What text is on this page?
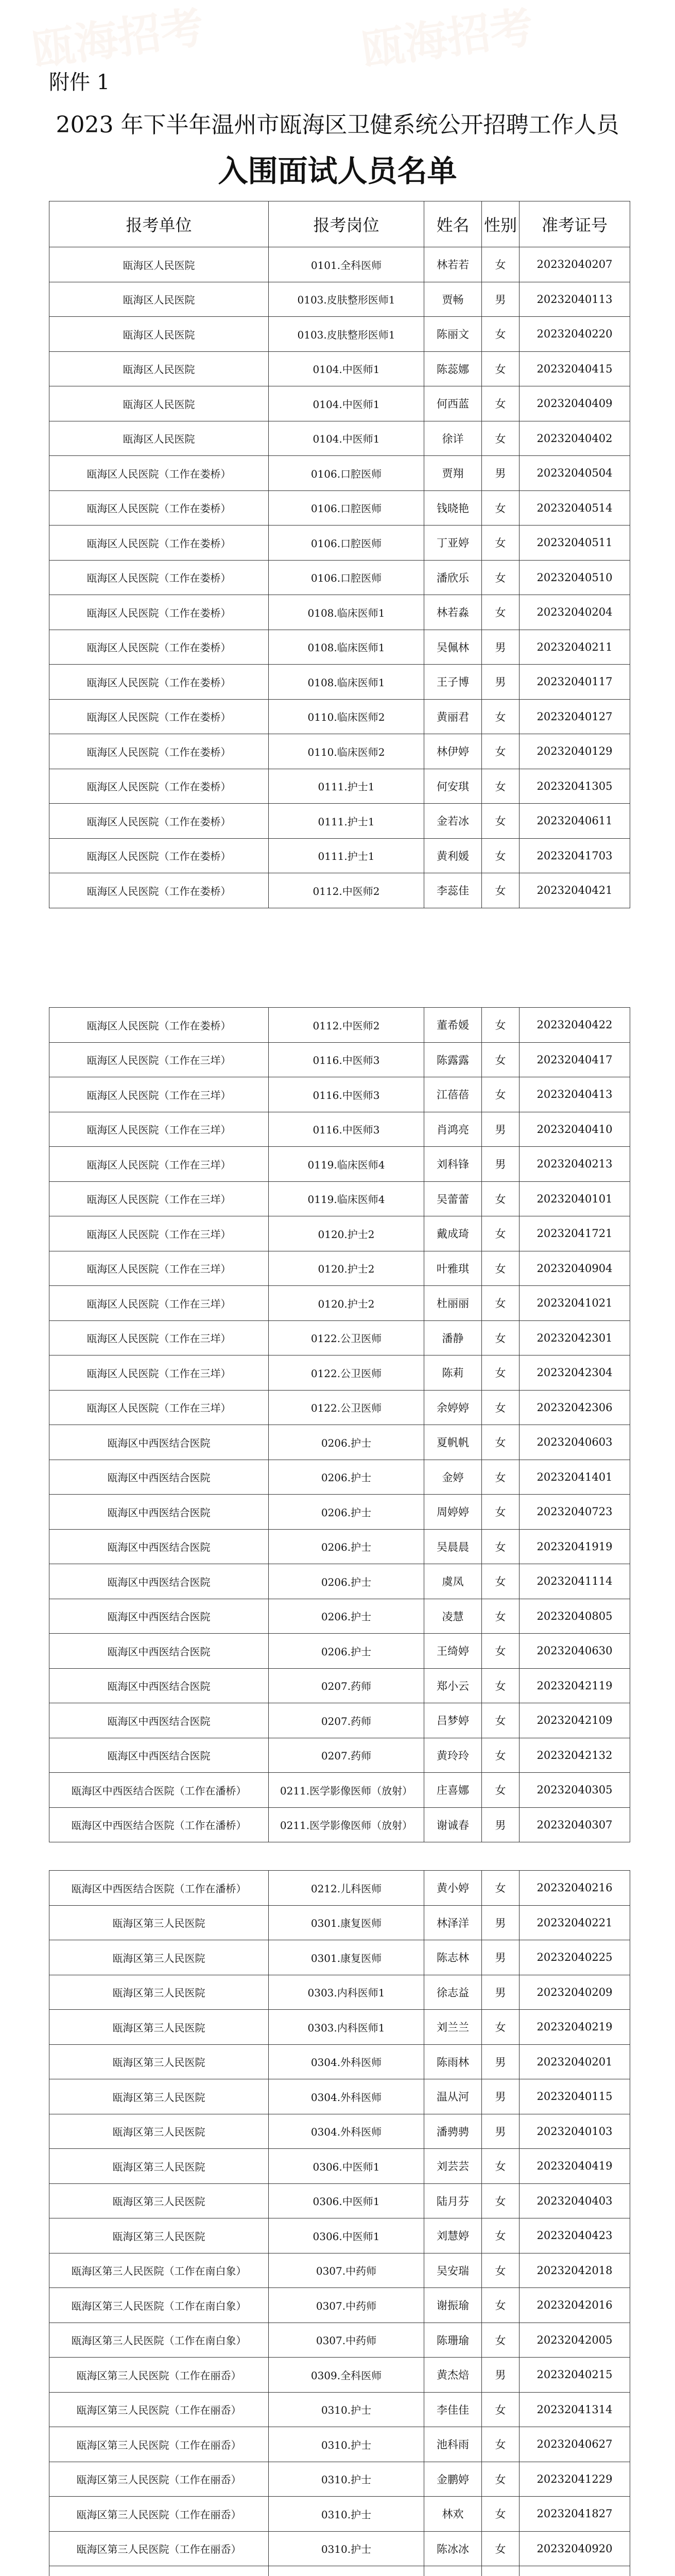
瓯海招考	瓯海招考
附件 1
2023 年下半年温州市瓯海区卫健系统公开招聘工作人员
入围面试人员名单
报考单位	报考岗位	姓名	性别	准考证号
瓯海区人民医院	0101.全科医师	林若若	女	20232040207
瓯海区人民医院	0103.皮肤整形医师1	贾畅	男	20232040113
瓯海区人民医院	0103.皮肤整形医师1	陈丽文	女	20232040220
瓯海区人民医院	0104.中医师1	陈蕊娜	女	20232040415
瓯海区人民医院	0104.中医师1	何西蓝	女	20232040409
瓯海区人民医院	0104.中医师1	徐详	女	20232040402
瓯海区人民医院（工作在娄桥）	0106.口腔医师	贾翔	男	20232040504
瓯海区人民医院（工作在娄桥）	0106.口腔医师	钱晓艳	女	20232040514
瓯海区人民医院（工作在娄桥）	0106.口腔医师	丁亚婷	女	20232040511
瓯海区人民医院（工作在娄桥）	0106.口腔医师	潘欣乐	女	20232040510
瓯海区人民医院（工作在娄桥）	0108.临床医师1	林若淼	女	20232040204
瓯海区人民医院（工作在娄桥）	0108.临床医师1	吴佩林	男	20232040211
瓯海区人民医院（工作在娄桥）	0108.临床医师1	王子博	男	20232040117
瓯海区人民医院（工作在娄桥）	0110.临床医师2	黄丽君	女	20232040127
瓯海区人民医院（工作在娄桥）	0110.临床医师2	林伊婷	女	20232040129
瓯海区人民医院（工作在娄桥）	0111.护士1	何安琪	女	20232041305
瓯海区人民医院（工作在娄桥）	0111.护士1	金若冰	女	20232040611
瓯海区人民医院（工作在娄桥）	0111.护士1	黄利媛	女	20232041703
瓯海区人民医院（工作在娄桥）	0112.中医师2	李蕊佳	女	20232040421
瓯海区人民医院（工作在娄桥）	0112.中医师2	董希媛	女	20232040422
瓯海区人民医院（工作在三垟）	0116.中医师3	陈露露	女	20232040417
瓯海区人民医院（工作在三垟）	0116.中医师3	江蓓蓓	女	20232040413
瓯海区人民医院（工作在三垟）	0116.中医师3	肖鸿亮	男	20232040410
瓯海区人民医院（工作在三垟）	0119.临床医师4	刘科锋	男	20232040213
瓯海区人民医院（工作在三垟）	0119.临床医师4	吴蕾蕾	女	20232040101
瓯海区人民医院（工作在三垟）	0120.护士2	戴成琦	女	20232041721
瓯海区人民医院（工作在三垟）	0120.护士2	叶雅琪	女	20232040904
瓯海区人民医院（工作在三垟）	0120.护士2	杜丽丽	女	20232041021
瓯海区人民医院（工作在三垟）	0122.公卫医师	潘静	女	20232042301
瓯海区人民医院（工作在三垟）	0122.公卫医师	陈莉	女	20232042304
瓯海区人民医院（工作在三垟）	0122.公卫医师	余婷婷	女	20232042306
瓯海区中西医结合医院	0206.护士	夏帆帆	女	20232040603
瓯海区中西医结合医院	0206.护士	金婷	女	20232041401
瓯海区中西医结合医院	0206.护士	周婷婷	女	20232040723
瓯海区中西医结合医院	0206.护士	吴晨晨	女	20232041919
瓯海区中西医结合医院	0206.护士	虞凤	女	20232041114
瓯海区中西医结合医院	0206.护士	凌慧	女	20232040805
瓯海区中西医结合医院	0206.护士	王绮婷	女	20232040630
瓯海区中西医结合医院	0207.药师	郑小云	女	20232042119
瓯海区中西医结合医院	0207.药师	吕梦婷	女	20232042109
瓯海区中西医结合医院	0207.药师	黄玲玲	女	20232042132
瓯海区中西医结合医院（工作在潘桥）	0211.医学影像医师（放射）	庄喜娜	女	20232040305
瓯海区中西医结合医院（工作在潘桥）	0211.医学影像医师（放射）	谢诚春	男	20232040307
瓯海区中西医结合医院（工作在潘桥）	0212.儿科医师	黄小婷	女	20232040216
瓯海区第三人民医院	0301.康复医师	林泽洋	男	20232040221
瓯海区第三人民医院	0301.康复医师	陈志林	男	20232040225
瓯海区第三人民医院	0303.内科医师1	徐志益	男	20232040209
瓯海区第三人民医院	0303.内科医师1	刘兰兰	女	20232040219
瓯海区第三人民医院	0304.外科医师	陈雨林	男	20232040201
瓯海区第三人民医院	0304.外科医师	温从河	男	20232040115
瓯海区第三人民医院	0304.外科医师	潘骋骋	男	20232040103
瓯海区第三人民医院	0306.中医师1	刘芸芸	女	20232040419
瓯海区第三人民医院	0306.中医师1	陆月芬	女	20232040403
瓯海区第三人民医院	0306.中医师1	刘慧婷	女	20232040423
瓯海区第三人民医院（工作在南白象）	0307.中药师	吴安瑞	女	20232042018
瓯海区第三人民医院（工作在南白象）	0307.中药师	谢振瑜	女	20232042016
瓯海区第三人民医院（工作在南白象）	0307.中药师	陈珊瑜	女	20232042005
瓯海区第三人民医院（工作在丽岙）	0309.全科医师	黄杰焙	男	20232040215
瓯海区第三人民医院（工作在丽岙）	0310.护士	李佳佳	女	20232041314
瓯海区第三人民医院（工作在丽岙）	0310.护士	池科雨	女	20232040627
瓯海区第三人民医院（工作在丽岙）	0310.护士	金鹏婷	女	20232041229
瓯海区第三人民医院（工作在丽岙）	0310.护士	林欢	女	20232041827
瓯海区第三人民医院（工作在丽岙）	0310.护士	陈冰冰	女	20232040920
